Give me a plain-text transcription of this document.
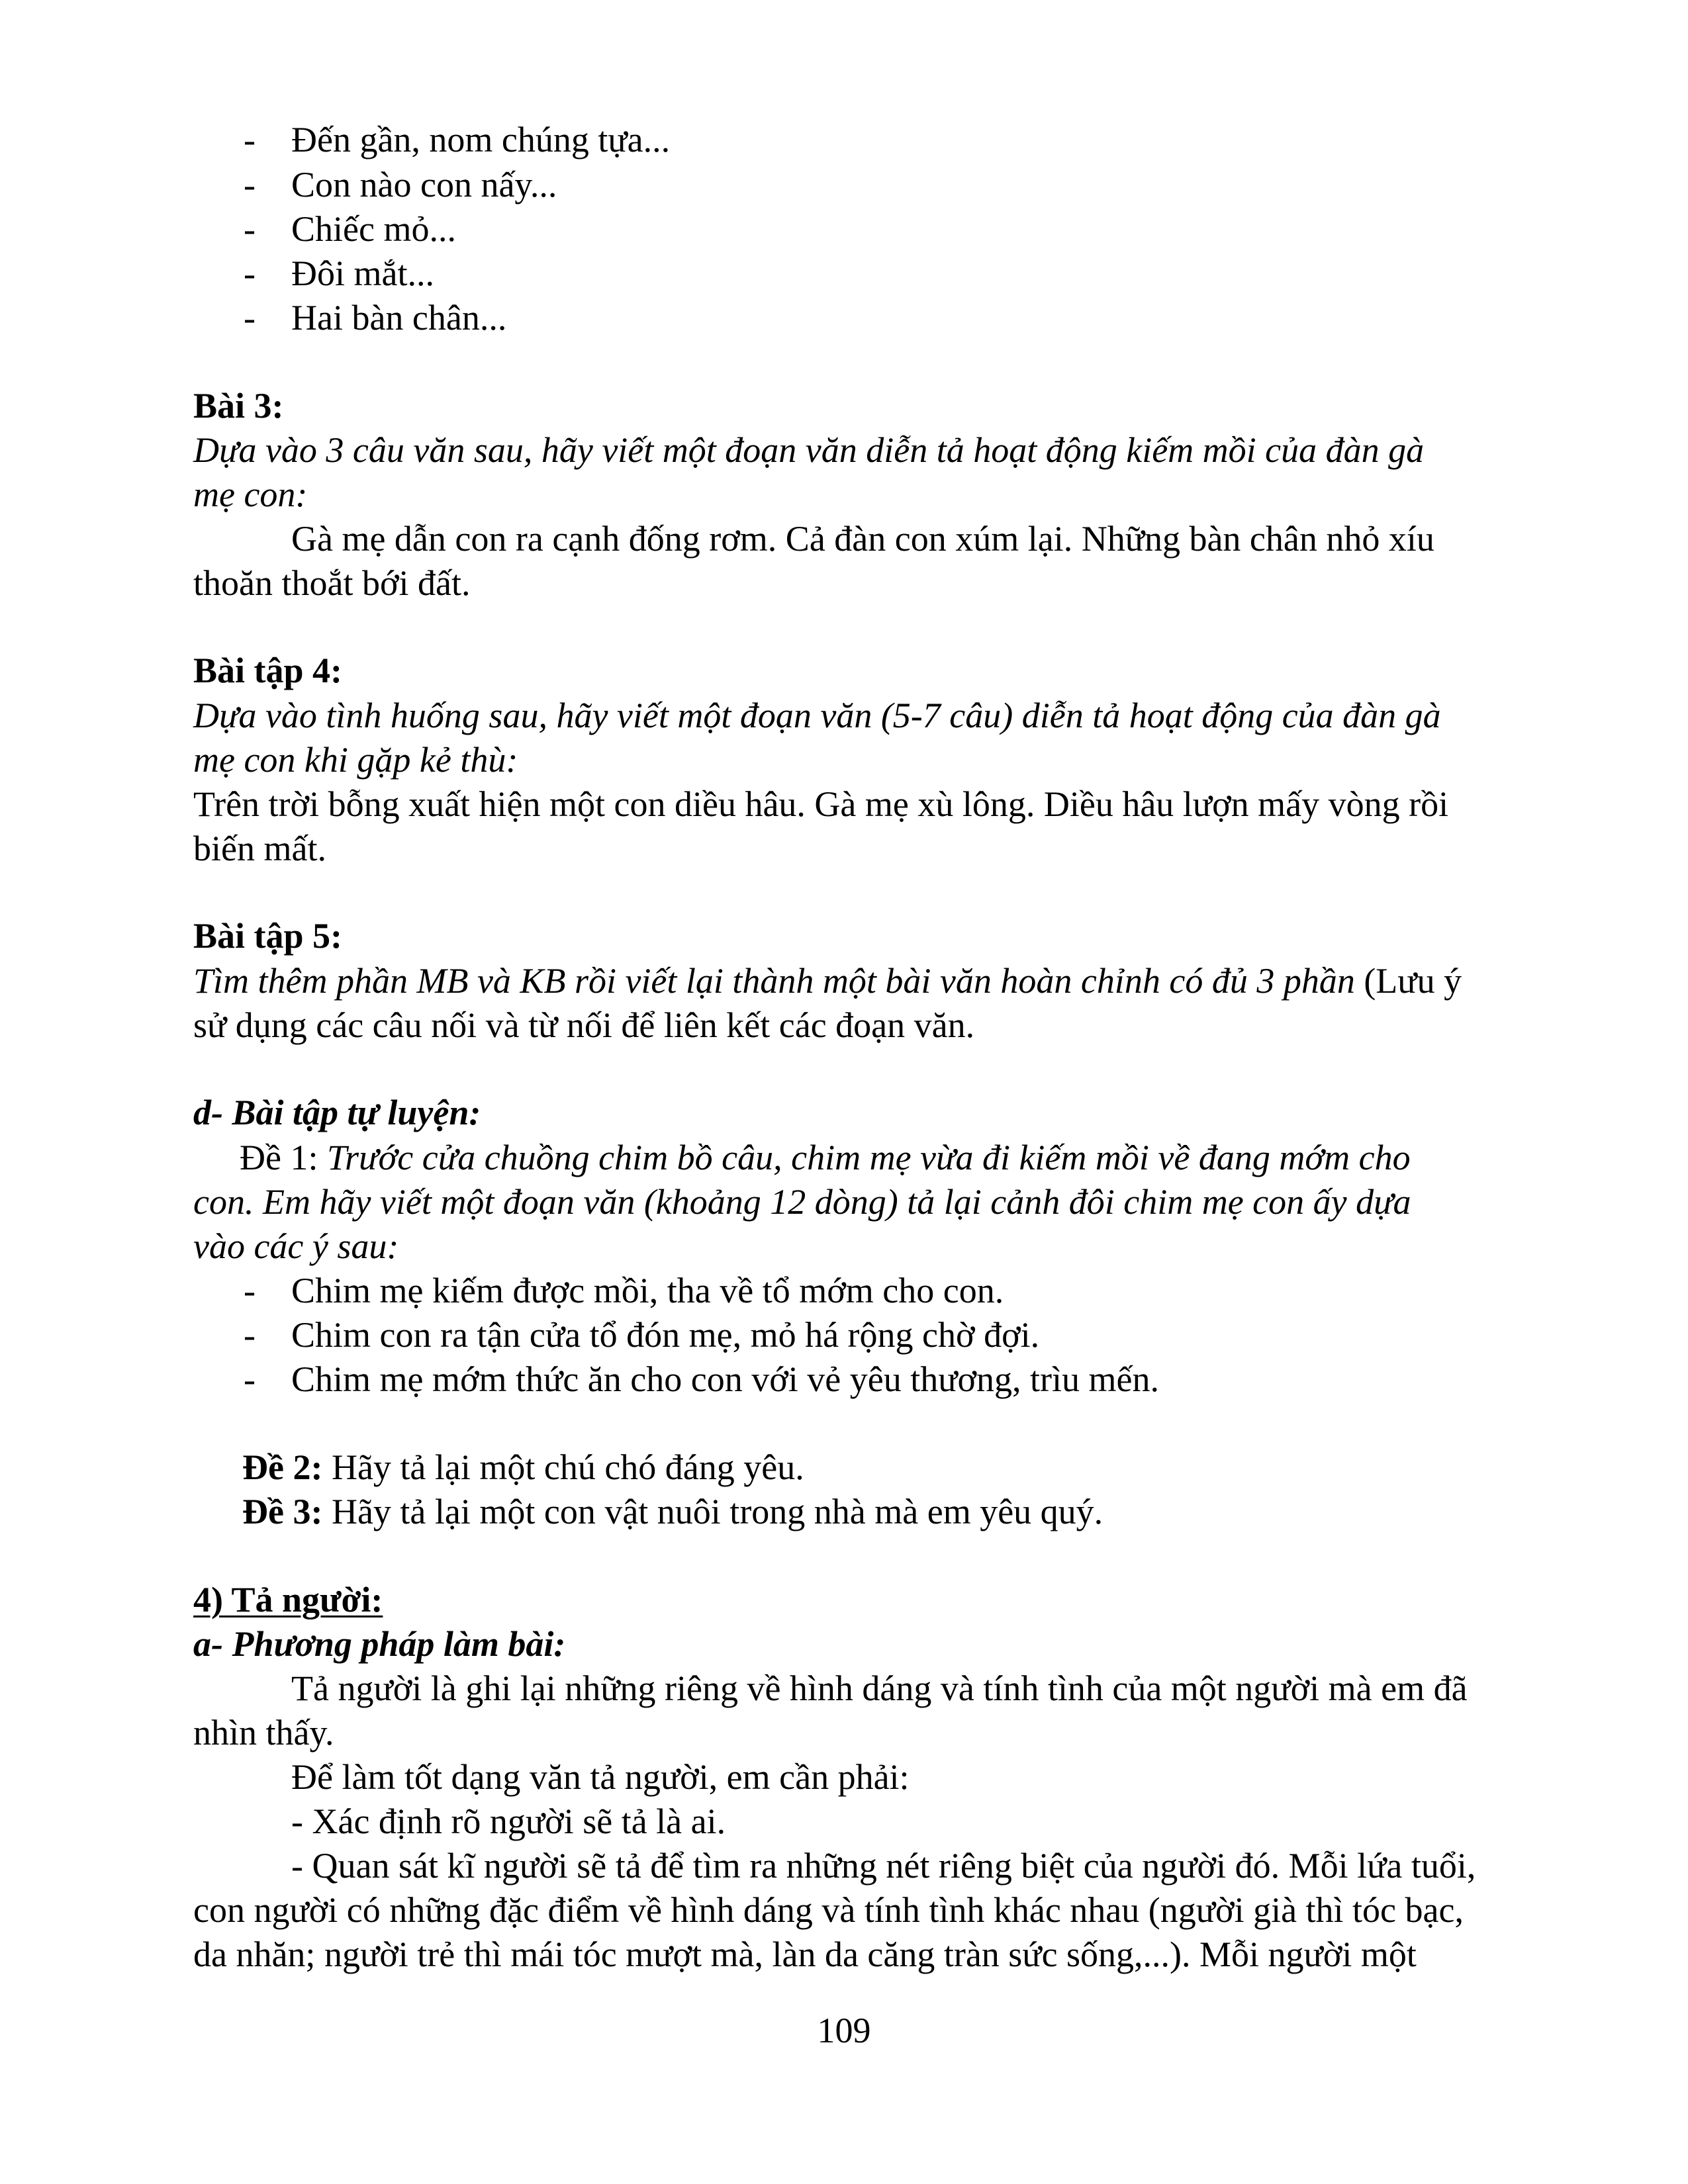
- Đến gần, nom chúng tựa...
- Con nào con nấy...
- Chiếc mỏ...
- Đôi mắt...
- Hai bàn chân...
Bài 3:
Dựa vào 3 câu văn sau, hãy viết một đoạn văn diễn tả hoạt động kiếm mồi của đàn gà
mẹ con:
Gà mẹ dẫn con ra cạnh đống rơm. Cả đàn con xúm lại. Những bàn chân nhỏ xíu
thoăn thoắt bới đất.
Bài tập 4:
Dựa vào tình huống sau, hãy viết một đoạn văn (5-7 câu) diễn tả hoạt động của đàn gà
mẹ con khi gặp kẻ thù:
Trên trời bỗng xuất hiện một con diều hâu. Gà mẹ xù lông. Diều hâu lượn mấy vòng rồi
biến mất.
Bài tập 5:
Tìm thêm phần MB và KB rồi viết lại thành một bài văn hoàn chỉnh có đủ 3 phần (Lưu ý
sử dụng các câu nối và từ nối để liên kết các đoạn văn.
d- Bài tập tự luyện:
Đề 1: Trước cửa chuồng chim bồ câu, chim mẹ vừa đi kiếm mồi về đang mớm cho
con. Em hãy viết một đoạn văn (khoảng 12 dòng) tả lại cảnh đôi chim mẹ con ấy dựa
vào các ý sau:
- Chim mẹ kiếm được mồi, tha về tổ mớm cho con.
- Chim con ra tận cửa tổ đón mẹ, mỏ há rộng chờ đợi.
- Chim mẹ mớm thức ăn cho con với vẻ yêu thương, trìu mến.
Đề 2: Hãy tả lại một chú chó đáng yêu.
Đề 3: Hãy tả lại một con vật nuôi trong nhà mà em yêu quý.
4) Tả người:
a- Phương pháp làm bài:
Tả người là ghi lại những riêng về hình dáng và tính tình của một người mà em đã
nhìn thấy.
Để làm tốt dạng văn tả người, em cần phải:
- Xác định rõ người sẽ tả là ai.
- Quan sát kĩ người sẽ tả để tìm ra những nét riêng biệt của người đó. Mỗi lứa tuổi,
con người có những đặc điểm về hình dáng và tính tình khác nhau (người già thì tóc bạc,
da nhăn; người trẻ thì mái tóc mượt mà, làn da căng tràn sức sống,...). Mỗi người một
109
